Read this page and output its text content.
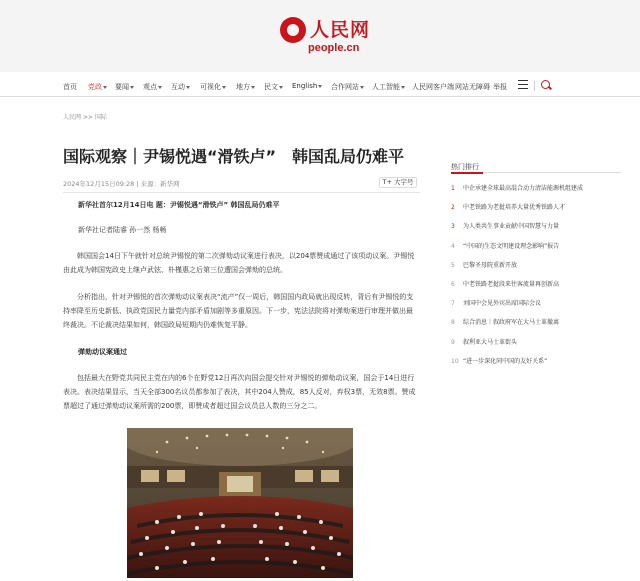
人民网
people.cn
首页 党政	要闻	观点	互动	可视化	地方	民文	English	合作网站	人工智能	人民网客户端 网站无障碍 举报
人民网 >> 国际
国际观察｜尹锡悦遇“滑铁卢”　韩国乱局仍难平
2024年12月15日09:28 | 来源：新华网	T+ 大字号

新华社首尔12月14日电 题：尹锡悦遇“滑铁卢” 韩国乱局仍难平

新华社记者陆睿 孙一然 杨畅

韩国国会14日下午就针对总统尹锡悦的第二次弹劾动议案进行表决，以204票赞成通过了该项动议案。尹锡悦由此成为韩国宪政史上继卢武铉、朴槿惠之后第三位遭国会弹劾的总统。

分析指出，针对尹锡悦的首次弹劾动议案表决“流产”仅一周后，韩国国内政局就出现反转，背后有尹锡悦的支持率降至历史新低、执政党国民力量党内部矛盾加剧等多重原因。下一步，宪法法院将对弹劾案进行审理并做出最终裁决。不论裁决结果如何，韩国政局短期内仍难恢复平静。

弹劾动议案通过

包括最大在野党共同民主党在内的6个在野党12日再次向国会提交针对尹锡悦的弹劾动议案，国会于14日进行表决。表决结果显示，当天全部300名议员都参加了表决，其中204人赞成，85人反对，弃权3票，无效8票。赞成票超过了通过弹劾动议案所需的200票，即赞成者超过国会议员总人数的三分之二。

热门排行
1 中企承建全球最高混合动力清洁能源机组建成
2 中老铁路为老挝培养大量优秀铁路人才
3 为人类共生事业贡献中国智慧与力量
4 “中国的生态文明建设理念影响”报告
5 巴黎圣母院重新开放
6 中老铁路老挝段来往客流量再创新高
7 刘国中会见外宾出席国际会议
8 综合消息｜叙政府军在大马士革撤离
9 叙利亚大马士革街头
10 “进一步深化同中国的友好关系”
